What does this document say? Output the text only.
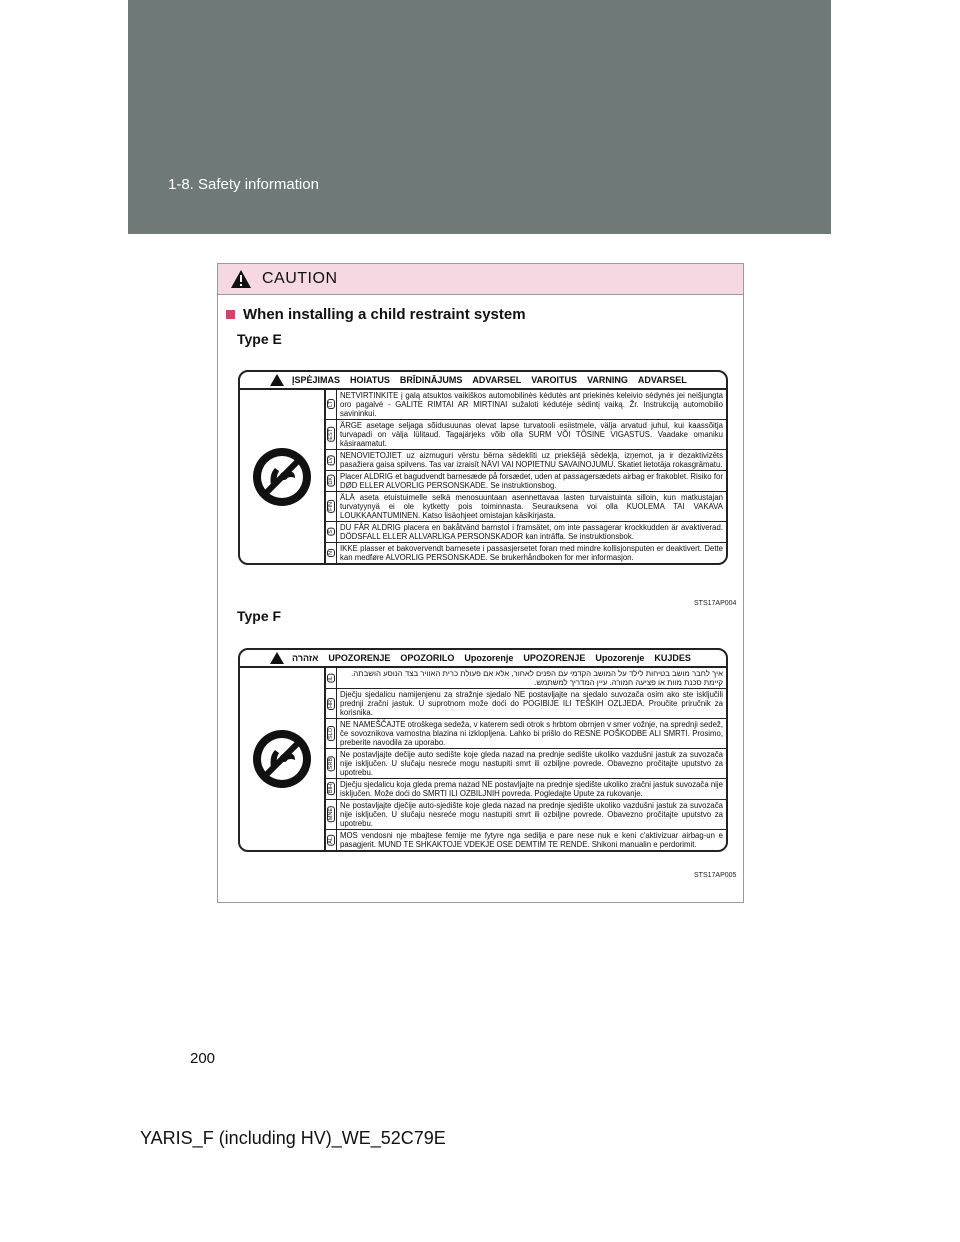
1-8. Safety information
CAUTION
When installing a child restraint system
Type E
ĮSPĖJIMAS HOIATUS BRĪDINĀJUMS ADVARSEL VAROITUS VARNING ADVARSEL
LT
NETVIRTINKITE į galą atsuktos vaikiškos automobilinės kėdutės ant priekinės keleivio sėdynės jei neišjungta oro pagalvė - GALITE RIMTAI AR MIRTINAI sužaloti kėdutėje sėdintį vaiką. Žr. Instrukciją automobilio savininkui.
EST
ÄRGE asetage seljaga sõidusuunas olevat lapse turvatooli esiistmele, välja arvatud juhul, kui kaassõitja turvapadi on välja lülitaud. Tagajärjeks võib olla SURM VÕI TÕSINE VIGASTUS. Vaadake omaniku käsiraamatut.
LV NENOVIETOJIET uz aizmuguri vērstu bērna sēdeklīti uz priekšējā sēdekļa, izņemot, ja ir dezaktivizēts pasažiera gaisa spilvens. Tas var izraisīt NĀVI VAI NOPIETNU SAVAINOJUMU. Skatiet lietotāja rokasgrāmatu.
DK Placer ALDRIG et bagudvendt barnesæde på forsædet, uden at passagersædets airbag er frakoblet. Risiko for DØD ELLER ALVORLIG PERSONSKADE. Se instruktionsbog.
FIN
ÄLÄ aseta etuistuimelle selkä menosuuntaan asennettavaa lasten turvaistuinta silloin, kun matkustajan turvatyynyä ei ole kytketty pois toiminnasta. Seurauksena voi olla KUOLEMA TAI VAKAVA LOUKKAANTUMINEN. Katso lisäohjeet omistajan käsikirjasta.
S DU FÅR ALDRIG placera en bakåtvänd barnstol i framsätet, om inte passagerar krockkudden är avaktiverad. DÖDSFALL ELLER ALLVARLIGA PERSONSKADOR kan inträffa. Se instruktionsbok.
N IKKE plasser et bakovervendt barnesete i passasjersetet foran med mindre kollisjonsputen er deaktivert. Dette kan medføre ALVORLIG PERSONSKADE. Se brukerhåndboken for mer informasjon.
STS17AP004
Type F
אזהרה UPOZORENJE OPOZORILO Upozorenje UPOZORENJE Upozorenje KUJDES
IL	איך לחבר מושב בטיחות לילד על המושב הקדמי עם הפנים לאחור, אלא אם פעולת כרית האוויר בצד הנוסע הושבתה. קיימת סכנת מוות או פציעה חמורה. עיין המדריך למשתמש.
HR
Dječju sjedalicu namijenjenu za stražnje sjedalo NE postavljajte na sjedalo suvozača osim ako ste isključili prednji zračni jastuk. U suprotnom može doći do POGIBIJE ILI TEŠKIH OZLJEDA. Proučite priručnik za korisnika.
SLO
NE NAMEŠČAJTE otroškega sedeža, v katerem sedi otrok s hrbtom obrnjen v smer vožnje, na sprednji sedež, če sovoznikova varnostna blazina ni izklopljena. Lahko bi prišlo do RESNE POŠKODBE ALI SMRTI. Prosimo, preberite navodila za uporabo.
SRB
Ne postavljajte dečije auto sedište koje gleda nazad na prednje sedište ukoliko vazdušni jastuk za suvozača nije isključen. U slučaju nesreće mogu nastupiti smrt ili ozbiljne povrede. Obavezno pročitajte uputstvo za upotrebu.
BIH Dječju sjedalicu koja gleda prema nazad NE postavljajte na prednje sjedište ukoliko zračni jastuk suvozača nije isključen. Može doći do SMRTI ILI OZBILJNIH povreda. Pogledajte Upute za rukovanje.
MNE
Ne postavljajte dječije auto-sjedište koje gleda nazad na prednje sjedište ukoliko vazdušni jastuk za suvozača nije isključen. U slučaju nesreće mogu nastupiti smrt ili ozbiljne povrede. Obavezno pročitajte uputstvo za upotrebu.
AL MOS vendosni nje mbajtese femije me fytyre nga sedilja e pare nese nuk e keni c'aktivizuar airbag-un e pasagjerit. MUND TE SHKAKTOJE VDEKJE OSE DEMTIM TE RENDE. Shikoni manualin e perdorimit.
STS17AP005
200
YARIS_F (including HV)_WE_52C79E
